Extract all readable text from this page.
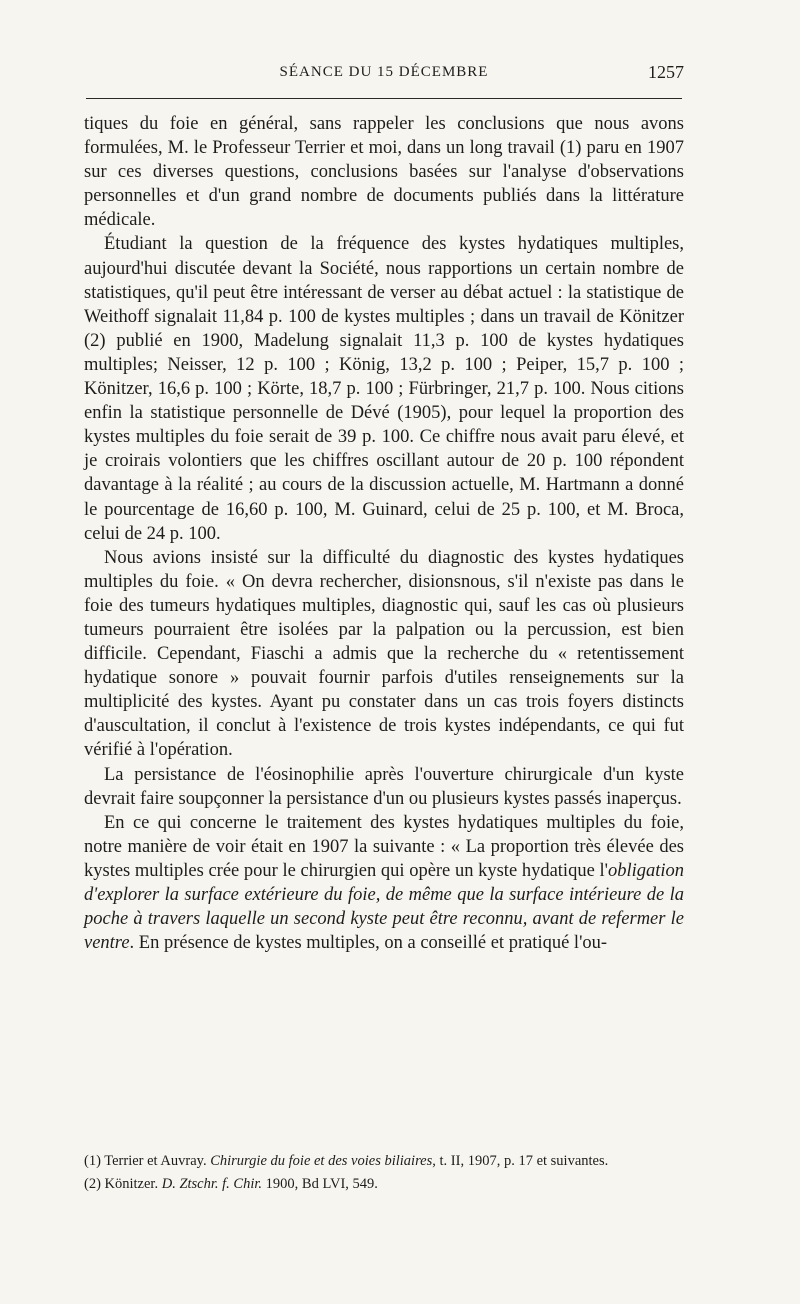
SÉANCE DU 15 DÉCEMBRE	1257

tiques du foie en général, sans rappeler les conclusions que nous avons formulées, M. le Professeur Terrier et moi, dans un long travail (1) paru en 1907 sur ces diverses questions, conclusions basées sur l'analyse d'observations personnelles et d'un grand nombre de documents publiés dans la littérature médicale.

Étudiant la question de la fréquence des kystes hydatiques multiples, aujourd'hui discutée devant la Société, nous rapportions un certain nombre de statistiques, qu'il peut être intéressant de verser au débat actuel : la statistique de Weithoff signalait 11,84 p. 100 de kystes multiples ; dans un travail de Könitzer (2) publié en 1900, Madelung signalait 11,3 p. 100 de kystes hydatiques multiples; Neisser, 12 p. 100 ; König, 13,2 p. 100 ; Peiper, 15,7 p. 100 ; Könitzer, 16,6 p. 100 ; Körte, 18,7 p. 100 ; Fürbringer, 21,7 p. 100. Nous citions enfin la statistique personnelle de Dévé (1905), pour lequel la proportion des kystes multiples du foie serait de 39 p. 100. Ce chiffre nous avait paru élevé, et je croirais volontiers que les chiffres oscillant autour de 20 p. 100 répondent davantage à la réalité ; au cours de la discussion actuelle, M. Hartmann a donné le pourcentage de 16,60 p. 100, M. Guinard, celui de 25 p. 100, et M. Broca, celui de 24 p. 100.

Nous avions insisté sur la difficulté du diagnostic des kystes hydatiques multiples du foie. « On devra rechercher, disionsnous, s'il n'existe pas dans le foie des tumeurs hydatiques multiples, diagnostic qui, sauf les cas où plusieurs tumeurs pourraient être isolées par la palpation ou la percussion, est bien difficile. Cependant, Fiaschi a admis que la recherche du « retentissement hydatique sonore » pouvait fournir parfois d'utiles renseignements sur la multiplicité des kystes. Ayant pu constater dans un cas trois foyers distincts d'auscultation, il conclut à l'existence de trois kystes indépendants, ce qui fut vérifié à l'opération.

La persistance de l'éosinophilie après l'ouverture chirurgicale d'un kyste devrait faire soupçonner la persistance d'un ou plusieurs kystes passés inaperçus.

En ce qui concerne le traitement des kystes hydatiques multiples du foie, notre manière de voir était en 1907 la suivante : « La proportion très élevée des kystes multiples crée pour le chirurgien qui opère un kyste hydatique l'obligation d'explorer la surface extérieure du foie, de même que la surface intérieure de la poche à travers laquelle un second kyste peut être reconnu, avant de refermer le ventre. En présence de kystes multiples, on a conseillé et pratiqué l'ou-

(1) Terrier et Auvray. Chirurgie du foie et des voies biliaires, t. II, 1907, p. 17 et suivantes.

(2) Könitzer. D. Ztschr. f. Chir. 1900, Bd LVI, 549.
